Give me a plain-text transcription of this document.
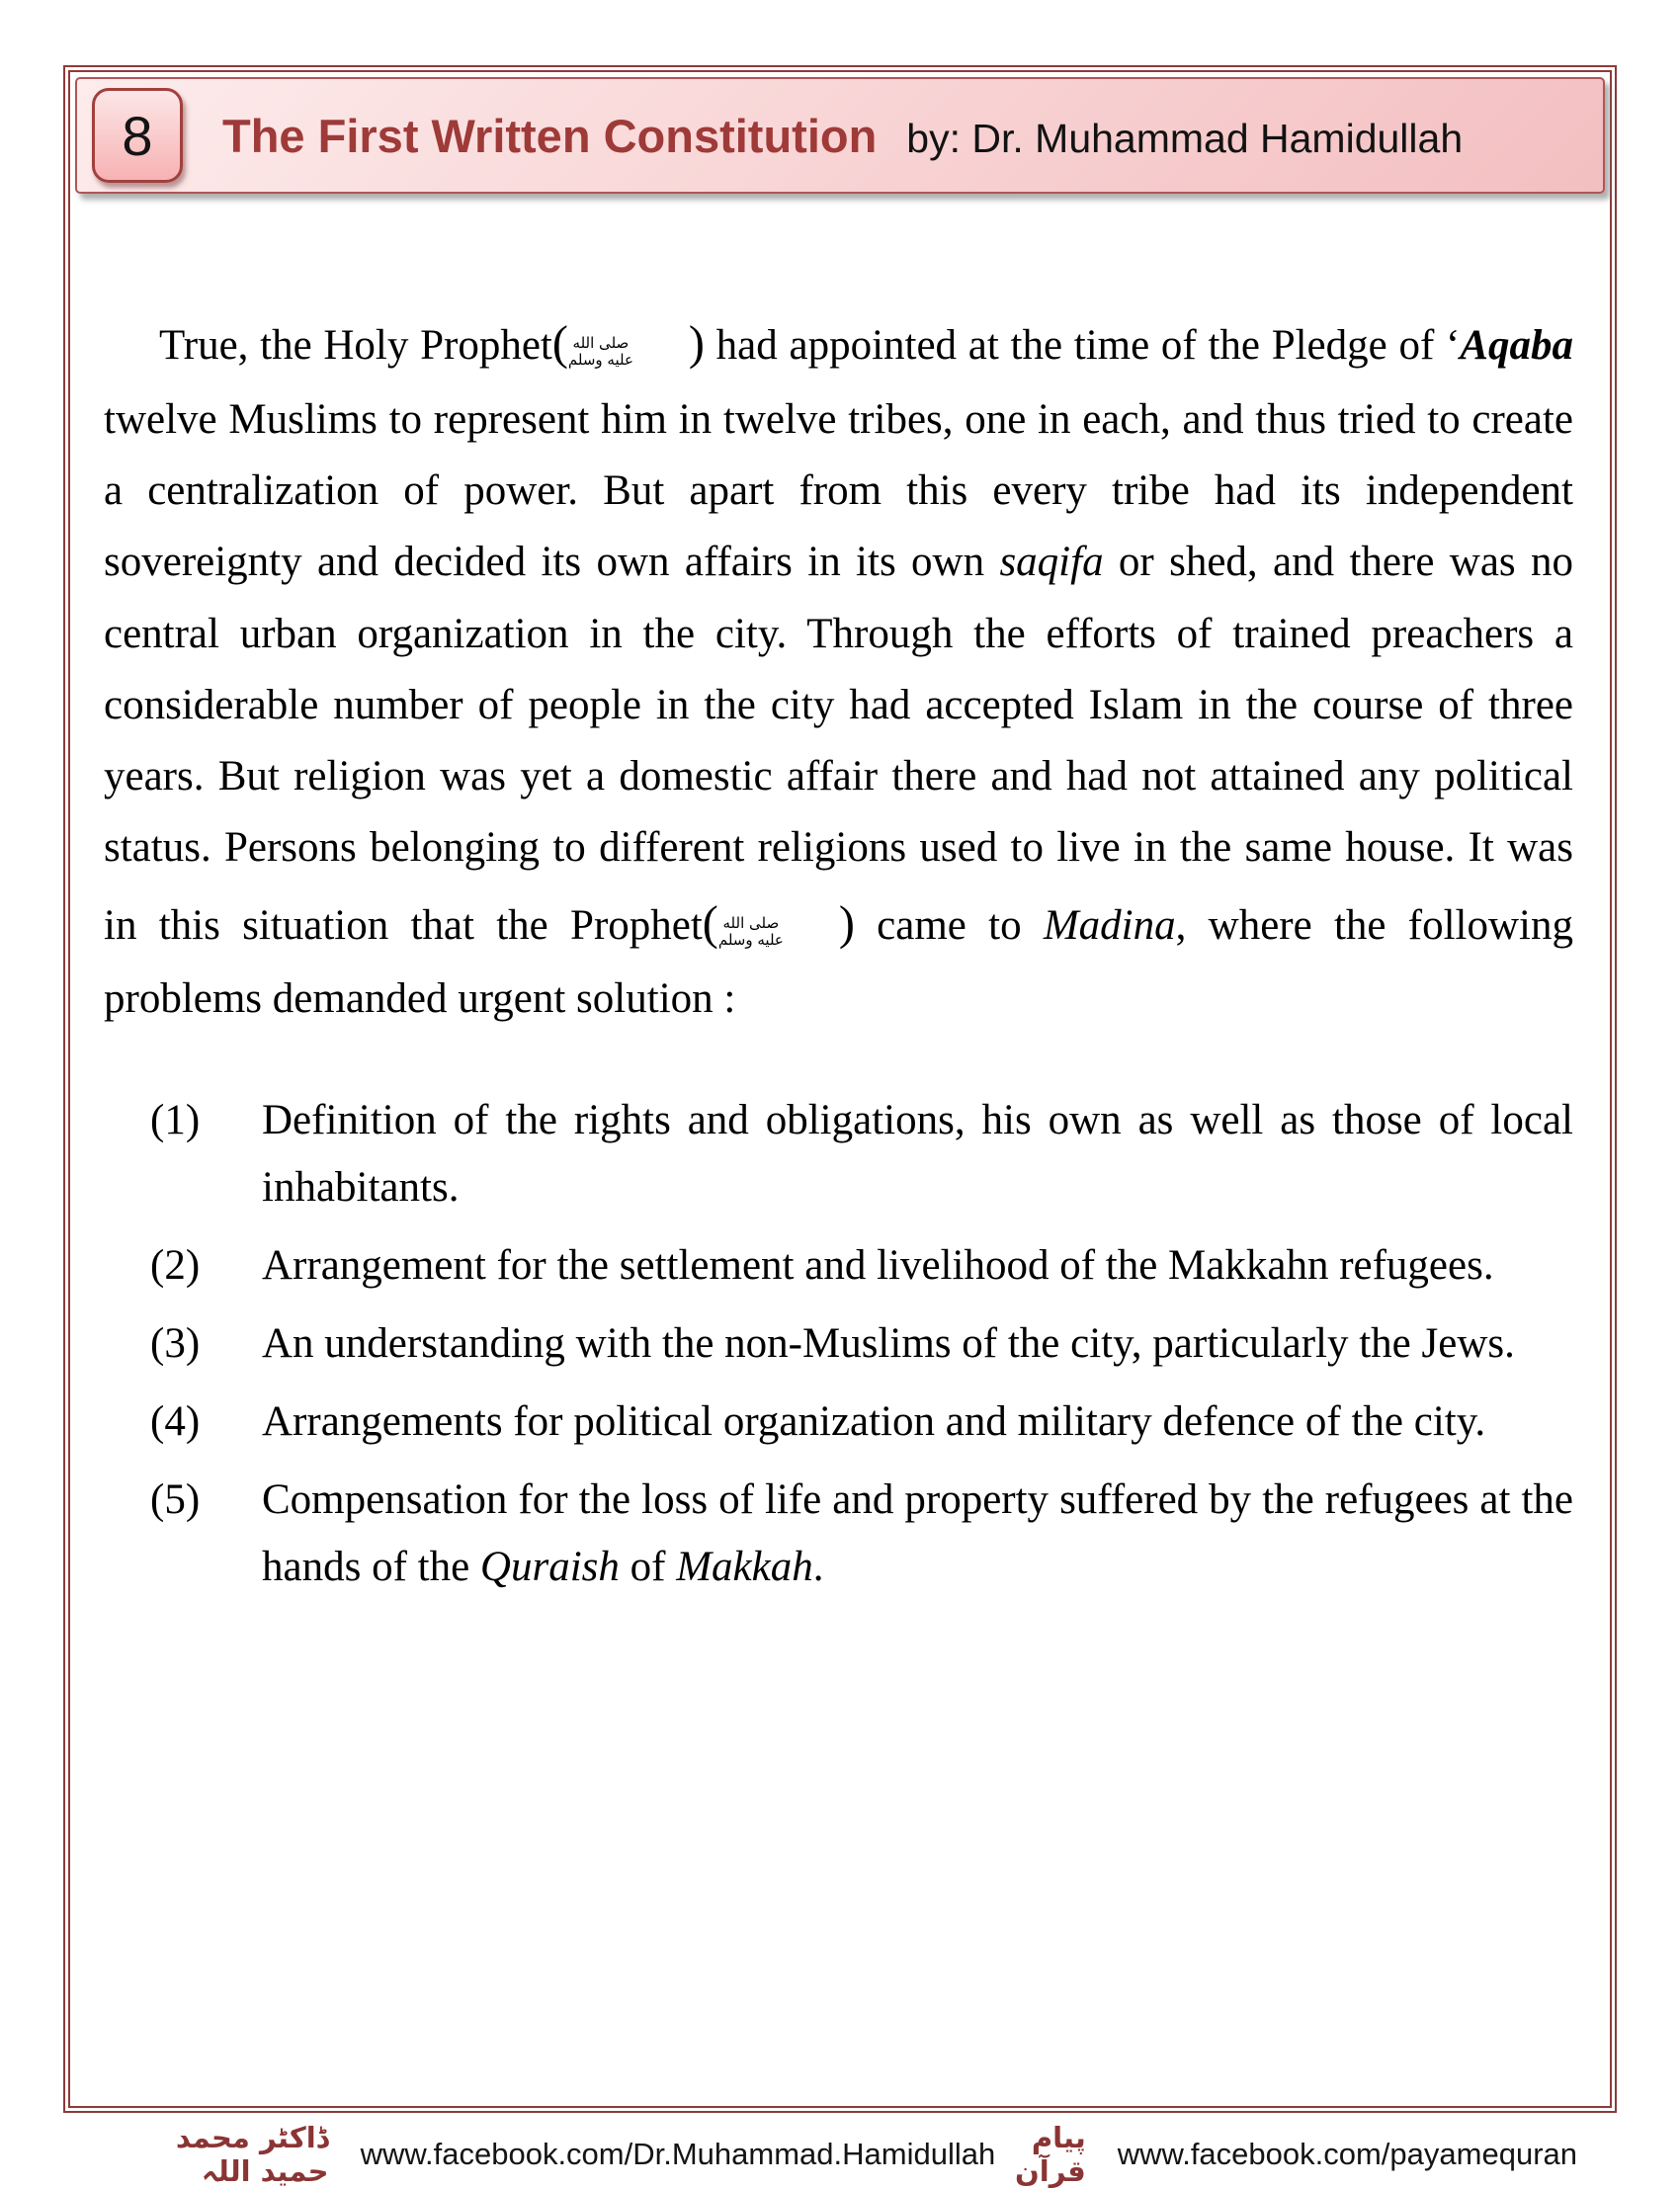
8 The First Written Constitution by: Dr. Muhammad Hamidullah

True, the Holy Prophet( صلى الله
عليه وسلم	) had appointed at the time of the Pledge of ‘Aqaba twelve Muslims to represent him in twelve tribes, one in each, and thus tried to create a centralization of power. But apart from this every tribe had its independent sovereignty and decided its own affairs in its own saqifa or shed, and there was no central urban organization in the city. Through the efforts of trained preachers a considerable number of people in the city had accepted Islam in the course of three years. But religion was yet a domestic affair there and had not attained any political status. Persons belonging to different religions used to live in the same house. It was in this situation that the Prophet( صلى الله
عليه وسلم	) came to Madina, where the following problems demanded urgent solution :

(1)	Definition of the rights and obligations, his own as well as those of local inhabitants.
(2)	Arrangement for the settlement and livelihood of the Makkahn refugees.
(3)	An understanding with the non-Muslims of the city, particularly the Jews.
(4)	Arrangements for political organization and military defence of the city.
(5)	Compensation for the loss of life and property suffered by the refugees at the hands of the Quraish of Makkah.
ڈاکٹر محمد حمید اللہ www.facebook.com/Dr.Muhammad.Hamidullah	پیام قرآن www.facebook.com/payamequran
